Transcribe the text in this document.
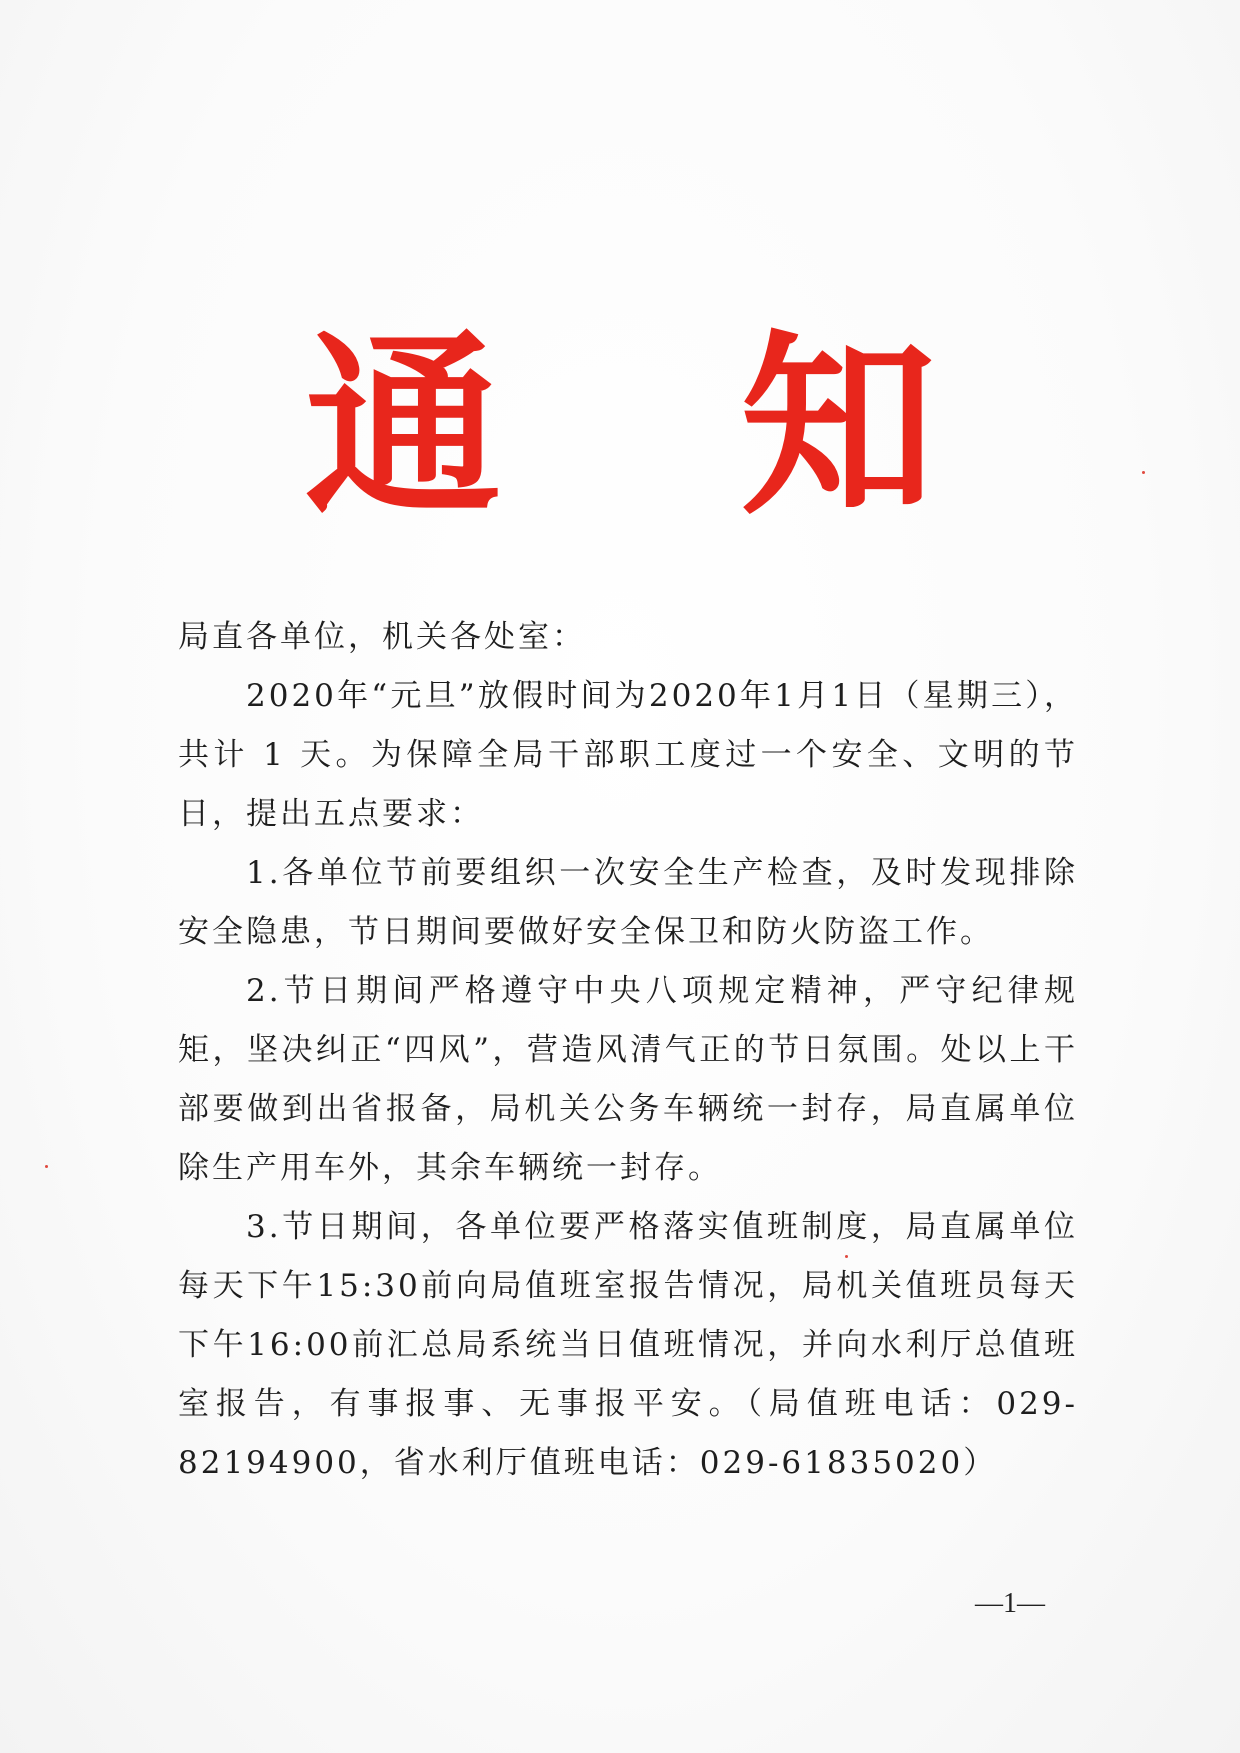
通 知

局直各单位，机关各处室：

2020年“元旦”放假时间为2020年1月1日（星期三），共计 1 天。为保障全局干部职工度过一个安全、文明的节日，提出五点要求：

1.各单位节前要组织一次安全生产检查，及时发现排除安全隐患，节日期间要做好安全保卫和防火防盗工作。

2.节日期间严格遵守中央八项规定精神，严守纪律规矩，坚决纠正“四风”，营造风清气正的节日氛围。处以上干部要做到出省报备，局机关公务车辆统一封存，局直属单位除生产用车外，其余车辆统一封存。

3.节日期间，各单位要严格落实值班制度，局直属单位每天下午15:30前向局值班室报告情况，局机关值班员每天下午16:00前汇总局系统当日值班情况，并向水利厅总值班室报告，有事报事、无事报平安。（局值班电话：029-82194900，省水利厅值班电话：029-61835020）

—1—
